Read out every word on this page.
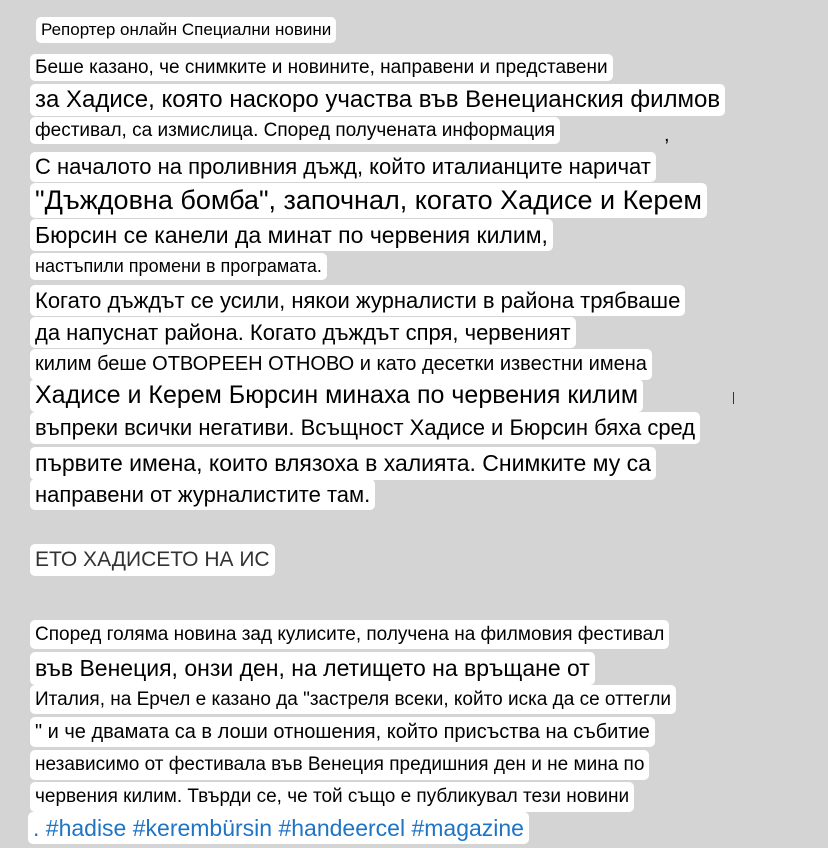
Репортер онлайн Специални новини
Беше казано, че снимките и новините, направени и представени
за Хадисе, която наскоро участва във Венецианския филмов
фестивал, са измислица. Според получената информация	,
С началото на проливния дъжд, който италианците наричат
"Дъждовна бомба", започнал, когато Хадисе и Керем
Бюрсин се канели да минат по червения килим,
настъпили промени в програмата.
Когато дъждът се усили, някои журналисти в района трябваше
да напуснат района. Когато дъждът спря, червеният
килим беше ОТВОРЕЕН ОТНОВО и като десетки известни имена
Хадисе и Керем Бюрсин минаха по червения килим
въпреки всички негативи. Всъщност Хадисе и Бюрсин бяха сред
първите имена, които влязоха в халията. Снимките му са
направени от журналистите там.
ЕТО ХАДИСЕТО НА ИС
Според голяма новина зад кулисите, получена на филмовия фестивал
във Венеция, онзи ден, на летището на връщане от
Италия, на Ерчел е казано да "застреля всеки, който иска да се оттегли
" и че двамата са в лоши отношения, който присъства на събитие
независимо от фестивала във Венеция предишния ден и не мина по
червения килим. Твърди се, че той също е публикувал тези новини
. #hadise #kerembürsin #handeercel #magazine
